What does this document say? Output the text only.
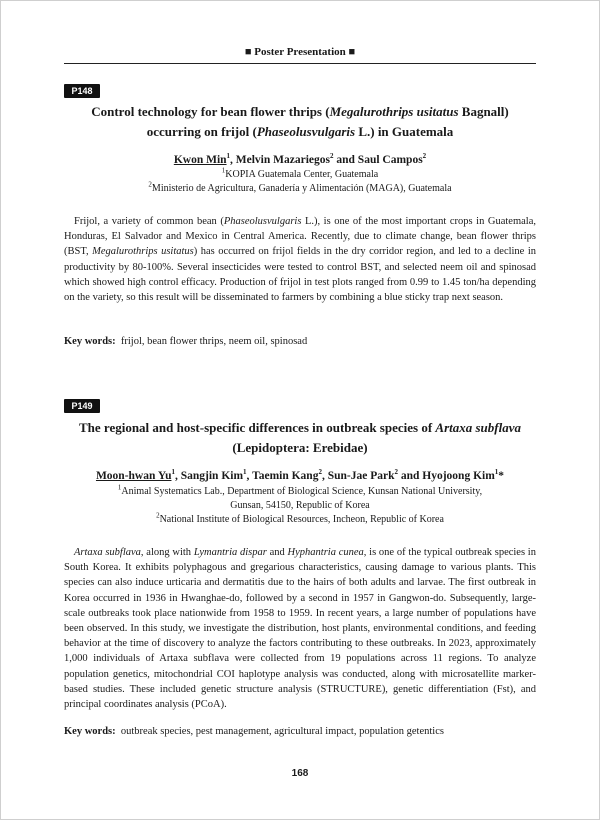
■ Poster Presentation ■
P148
Control technology for bean flower thrips (Megalurothrips usitatus Bagnall)
occurring on frijol (Phaseolusvulgaris L.) in Guatemala
Kwon Min$^1$, Melvin Mazariegos$^2$ and Saul Campos$^2$
$^1$KOPIA Guatemala Center, Guatemala
$^2$Ministerio de Agricultura, Ganadería y Alimentación (MAGA), Guatemala

Frijol, a variety of common bean (Phaseolusvulgaris L.), is one of the most important crops in Guatemala, Honduras, El Salvador and Mexico in Central America. Recently, due to climate change, bean flower thrips (BST, Megalurothrips usitatus) has occurred on frijol fields in the dry corridor region, and led to a decline in productivity by 80-100%. Several insecticides were tested to control BST, and selected neem oil and spinosad which showed high control efficacy. Production of frijol in test plots ranged from 0.99 to 1.45 ton/ha depending on the variety, so this result will be disseminated to farmers by combining a blue sticky trap next season.

Key words: frijol, bean flower thrips, neem oil, spinosad
P149
The regional and host-specific differences in outbreak species of Artaxa subflava
(Lepidoptera: Erebidae)
Moon-hwan Yu$^1$, Sangjin Kim$^1$, Taemin Kang$^2$, Sun-Jae Park$^2$ and Hyojoong Kim$^1$*
$^1$Animal Systematics Lab., Department of Biological Science, Kunsan National University,
Gunsan, 54150, Republic of Korea
$^2$National Institute of Biological Resources, Incheon, Republic of Korea

Artaxa subflava, along with Lymantria dispar and Hyphantria cunea, is one of the typical outbreak species in South Korea. It exhibits polyphagous and gregarious characteristics, causing damage to various plants. This species can also induce urticaria and dermatitis due to the hairs of both adults and larvae. The first outbreak in Korea occurred in 1936 in Hwanghae-do, followed by a second in 1957 in Gangwon-do. Subsequently, large-scale outbreaks took place nationwide from 1958 to 1959. In recent years, a large number of populations have been observed. In this study, we investigate the distribution, host plants, environmental conditions, and feeding behavior at the time of discovery to analyze the factors contributing to these outbreaks. In 2023, approximately 1,000 individuals of Artaxa subflava were collected from 19 populations across 11 regions. To analyze population genetics, mitochondrial COI haplotype analysis was conducted, along with microsatellite marker-based studies. These included genetic structure analysis (STRUCTURE), genetic differentiation (Fst), and principal coordinates analysis (PCoA).

Key words: outbreak species, pest management, agricultural impact, population getentics
168
